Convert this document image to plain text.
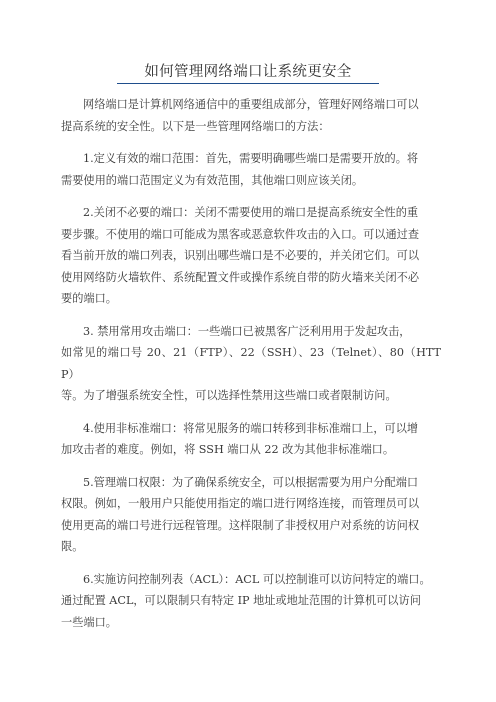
如何管理网络端口让系统更安全

网络端口是计算机网络通信中的重要组成部分，管理好网络端口可以
提高系统的安全性。以下是一些管理网络端口的方法：

1.定义有效的端口范围：首先，需要明确哪些端口是需要开放的。将
需要使用的端口范围定义为有效范围，其他端口则应该关闭。

2.关闭不必要的端口：关闭不需要使用的端口是提高系统安全性的重
要步骤。不使用的端口可能成为黑客或恶意软件攻击的入口。可以通过查
看当前开放的端口列表，识别出哪些端口是不必要的，并关闭它们。可以
使用网络防火墙软件、系统配置文件或操作系统自带的防火墙来关闭不必
要的端口。

3. 禁用常用攻击端口：一些端口已被黑客广泛利用用于发起攻击，
如常见的端口号 20、21（FTP）、22（SSH）、23（Telnet）、80（HTTP）
等。为了增强系统安全性，可以选择性禁用这些端口或者限制访问。

4.使用非标准端口：将常见服务的端口转移到非标准端口上，可以增
加攻击者的难度。例如，将 SSH 端口从 22 改为其他非标准端口。

5.管理端口权限：为了确保系统安全，可以根据需要为用户分配端口
权限。例如，一般用户只能使用指定的端口进行网络连接，而管理员可以
使用更高的端口号进行远程管理。这样限制了非授权用户对系统的访问权
限。

6.实施访问控制列表（ACL）：ACL 可以控制谁可以访问特定的端口。
通过配置 ACL，可以限制只有特定 IP 地址或地址范围的计算机可以访问
一些端口。
